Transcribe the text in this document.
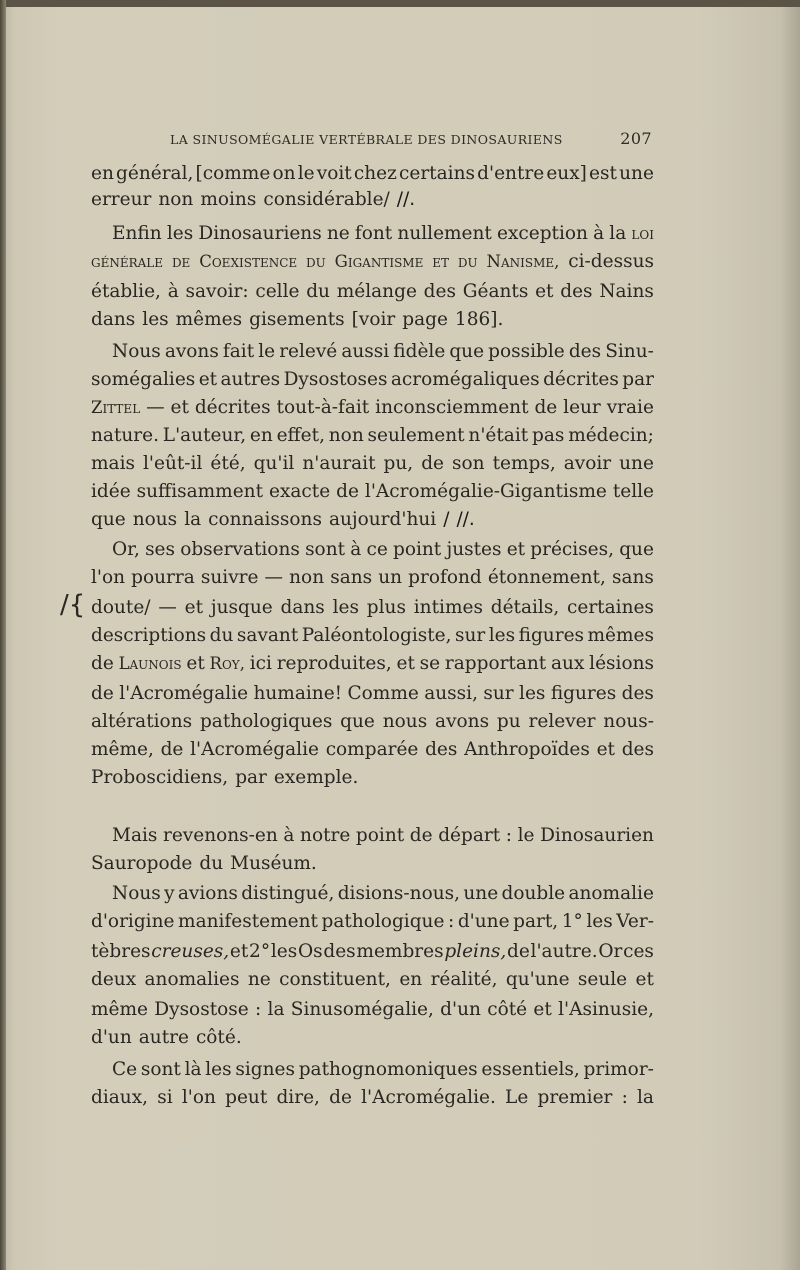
LA SINUSOMÉGALIE VERTÉBRALE DES DINOSAURIENS	207
/{
en général, [comme on le voit chez certains d'entre eux] est une
erreur non moins considérable/ //.
Enfin les Dinosauriens ne font nullement exception à la loi
générale de Coexistence du Gigantisme et du Nanisme, ci-dessus
établie, à savoir: celle du mélange des Géants et des Nains
dans les mêmes gisements [voir page 186].
Nous avons fait le relevé aussi fidèle que possible des Sinu-
somégalies et autres Dysostoses acromégaliques décrites par
Zittel — et décrites tout-à-fait inconsciemment de leur vraie
nature. L'auteur, en effet, non seulement n'était pas médecin;
mais l'eût-il été, qu'il n'aurait pu, de son temps, avoir une
idée suffisamment exacte de l'Acromégalie-Gigantisme telle
que nous la connaissons aujourd'hui / //.
Or, ses observations sont à ce point justes et précises, que
l'on pourra suivre — non sans un profond étonnement, sans
doute/ — et jusque dans les plus intimes détails, certaines
descriptions du savant Paléontologiste, sur les figures mêmes
de Launois et Roy, ici reproduites, et se rapportant aux lésions
de l'Acromégalie humaine! Comme aussi, sur les figures des
altérations pathologiques que nous avons pu relever nous-
même, de l'Acromégalie comparée des Anthropoïdes et des
Proboscidiens, par exemple.
Mais revenons-en à notre point de départ : le Dinosaurien
Sauropode du Muséum.
Nous y avions distingué, disions-nous, une double anomalie
d'origine manifestement pathologique : d'une part, 1° les Ver-
tèbres creuses, et 2° les Os des membres pleins, de l'autre. Or ces
deux anomalies ne constituent, en réalité, qu'une seule et
même Dysostose : la Sinusomégalie, d'un côté et l'Asinusie,
d'un autre côté.
Ce sont là les signes pathognomoniques essentiels, primor-
diaux, si l'on peut dire, de l'Acromégalie. Le premier : la
